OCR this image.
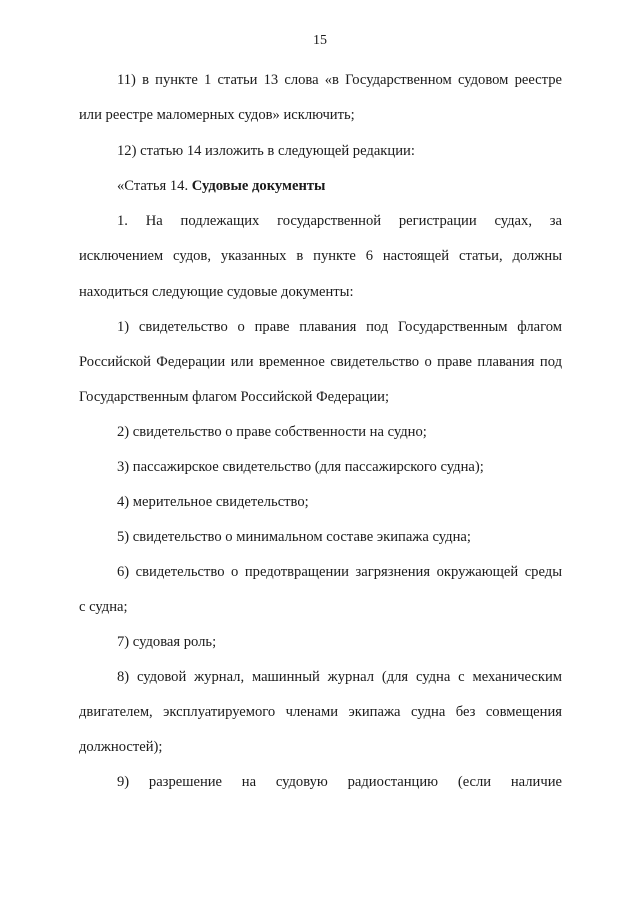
15
11) в пункте 1 статьи 13 слова «в Государственном судовом реестре
или реестре маломерных судов» исключить;
12) статью 14 изложить в следующей редакции:
«Статья 14. Судовые документы
1. На подлежащих государственной регистрации судах, за
исключением судов, указанных в пункте 6 настоящей статьи, должны
находиться следующие судовые документы:
1) свидетельство о праве плавания под Государственным флагом
Российской Федерации или временное свидетельство о праве плавания под
Государственным флагом Российской Федерации;
2) свидетельство о праве собственности на судно;
3) пассажирское свидетельство (для пассажирского судна);
4) мерительное свидетельство;
5) свидетельство о минимальном составе экипажа судна;
6) свидетельство о предотвращении загрязнения окружающей среды
с судна;
7) судовая роль;
8) судовой журнал, машинный журнал (для судна с механическим
двигателем, эксплуатируемого членами экипажа судна без совмещения
должностей);
9) разрешение на судовую радиостанцию (если наличие
